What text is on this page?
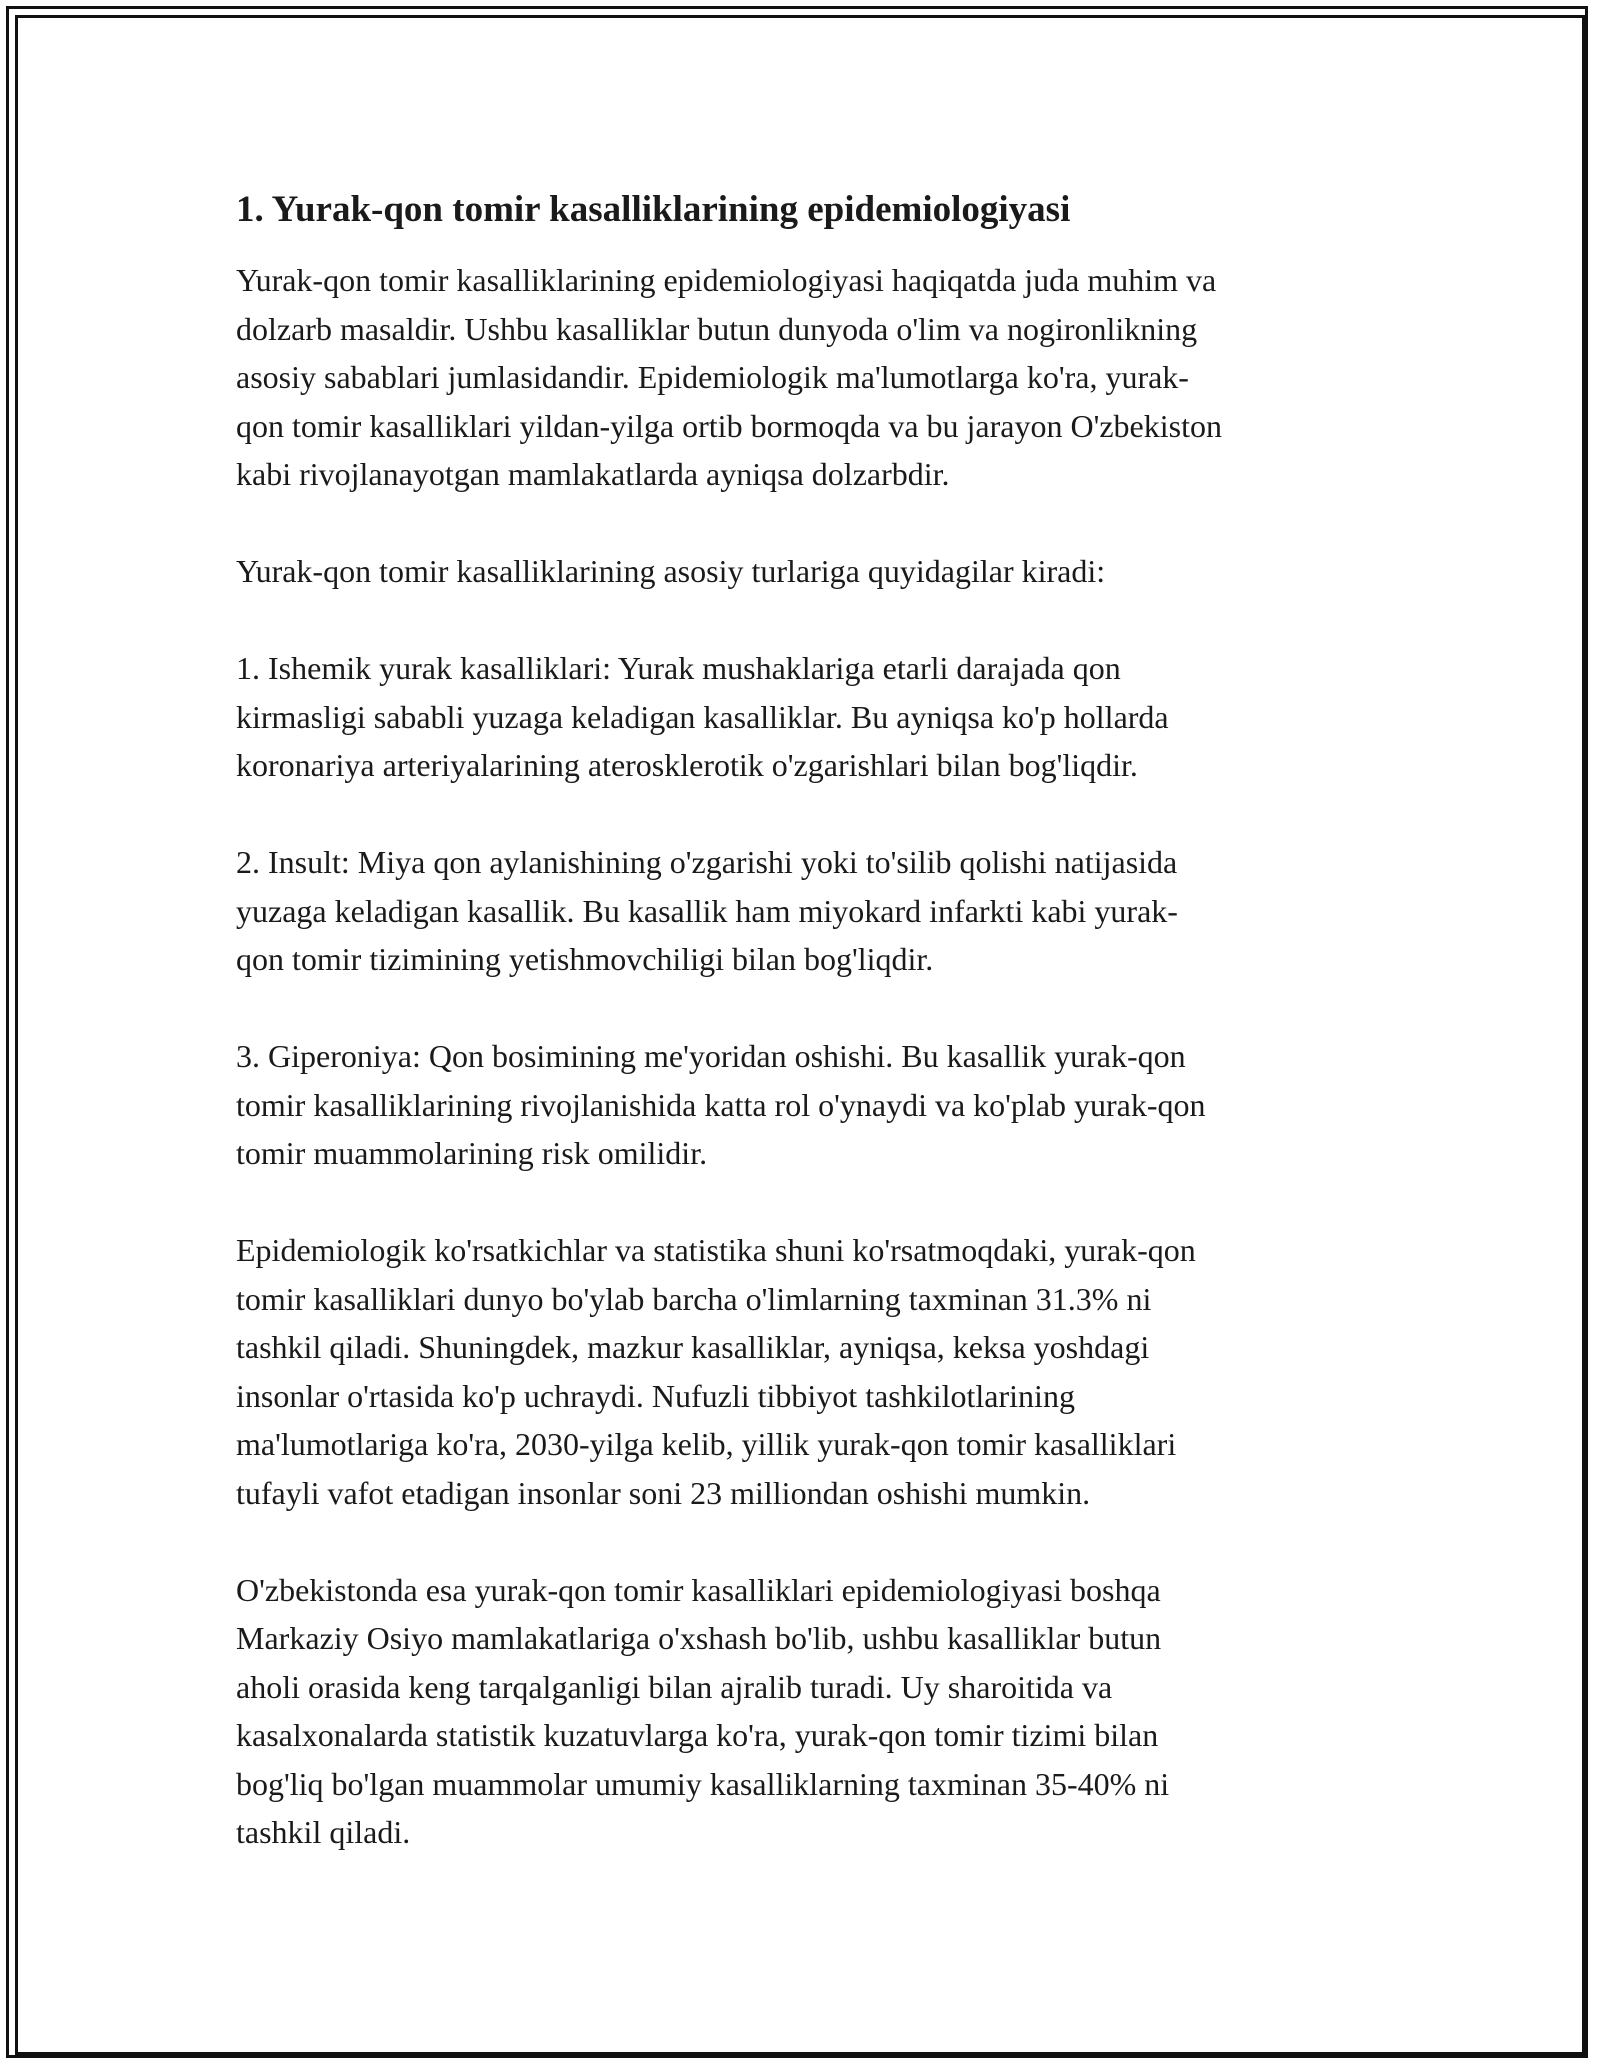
1. Yurak-qon tomir kasalliklarining epidemiologiyasi

Yurak-qon tomir kasalliklarining epidemiologiyasi haqiqatda juda muhim va
dolzarb masaldir. Ushbu kasalliklar butun dunyoda o'lim va nogironlikning
asosiy sabablari jumlasidandir. Epidemiologik ma'lumotlarga ko'ra, yurak-
qon tomir kasalliklari yildan-yilga ortib bormoqda va bu jarayon O'zbekiston
kabi rivojlanayotgan mamlakatlarda ayniqsa dolzarbdir.

Yurak-qon tomir kasalliklarining asosiy turlariga quyidagilar kiradi:

1. Ishemik yurak kasalliklari: Yurak mushaklariga etarli darajada qon
kirmasligi sababli yuzaga keladigan kasalliklar. Bu ayniqsa ko'p hollarda
koronariya arteriyalarining aterosklerotik o'zgarishlari bilan bog'liqdir.

2. Insult: Miya qon aylanishining o'zgarishi yoki to'silib qolishi natijasida
yuzaga keladigan kasallik. Bu kasallik ham miyokard infarkti kabi yurak-
qon tomir tizimining yetishmovchiligi bilan bog'liqdir.

3. Giperoniya: Qon bosimining me'yoridan oshishi. Bu kasallik yurak-qon
tomir kasalliklarining rivojlanishida katta rol o'ynaydi va ko'plab yurak-qon
tomir muammolarining risk omilidir.

Epidemiologik ko'rsatkichlar va statistika shuni ko'rsatmoqdaki, yurak-qon
tomir kasalliklari dunyo bo'ylab barcha o'limlarning taxminan 31.3% ni
tashkil qiladi. Shuningdek, mazkur kasalliklar, ayniqsa, keksa yoshdagi
insonlar o'rtasida ko'p uchraydi. Nufuzli tibbiyot tashkilotlarining
ma'lumotlariga ko'ra, 2030-yilga kelib, yillik yurak-qon tomir kasalliklari
tufayli vafot etadigan insonlar soni 23 milliondan oshishi mumkin.

O'zbekistonda esa yurak-qon tomir kasalliklari epidemiologiyasi boshqa
Markaziy Osiyo mamlakatlariga o'xshash bo'lib, ushbu kasalliklar butun
aholi orasida keng tarqalganligi bilan ajralib turadi. Uy sharoitida va
kasalxonalarda statistik kuzatuvlarga ko'ra, yurak-qon tomir tizimi bilan
bog'liq bo'lgan muammolar umumiy kasalliklarning taxminan 35-40% ni
tashkil qiladi.
